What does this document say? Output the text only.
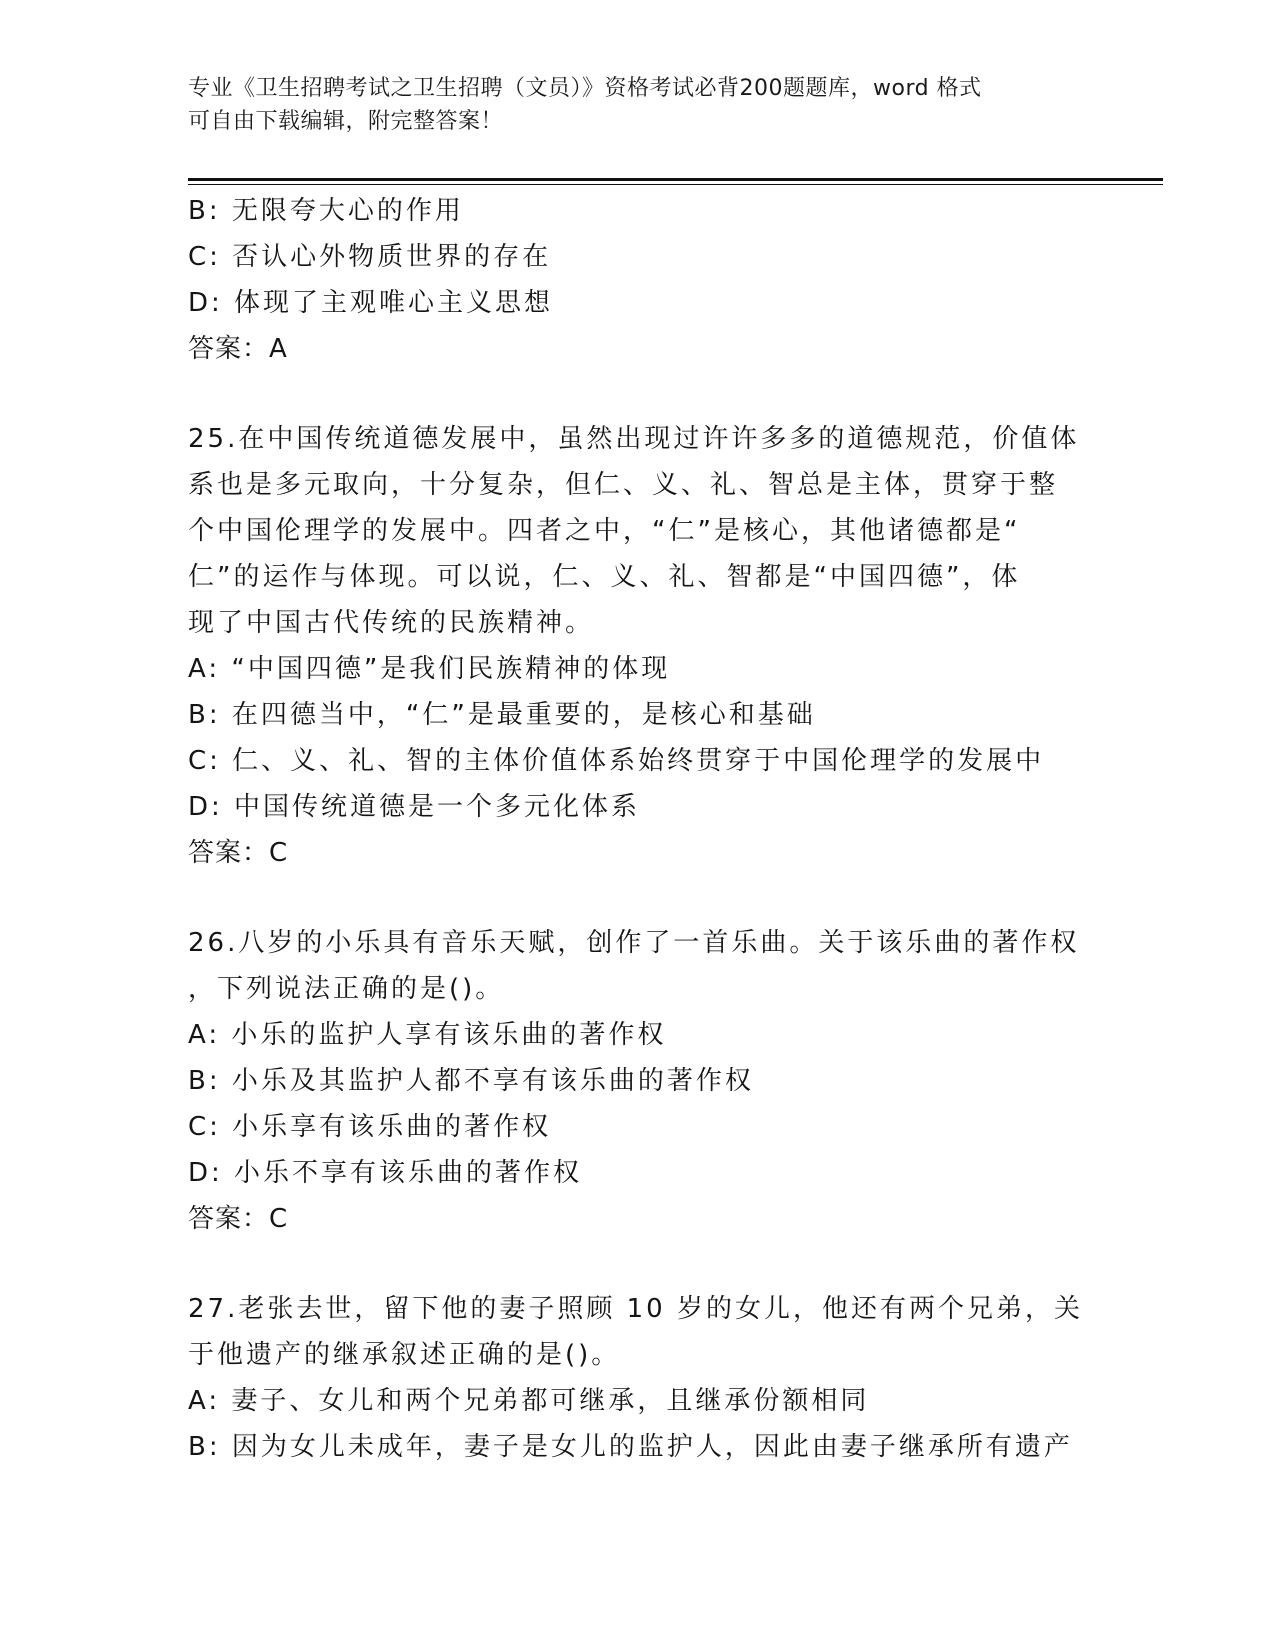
专业《卫生招聘考试之卫生招聘（文员）》资格考试必背200题题库，word 格式
可自由下载编辑，附完整答案！
B: 无限夸大心的作用
C: 否认心外物质世界的存在
D: 体现了主观唯心主义思想
答案：A
25.在中国传统道德发展中，虽然出现过许许多多的道德规范，价值体
系也是多元取向，十分复杂，但仁、义、礼、智总是主体，贯穿于整
个中国伦理学的发展中。四者之中，“仁”是核心，其他诸德都是“
仁”的运作与体现。可以说，仁、义、礼、智都是“中国四德”，体
现了中国古代传统的民族精神。
A: “中国四德”是我们民族精神的体现
B: 在四德当中，“仁”是最重要的，是核心和基础
C: 仁、义、礼、智的主体价值体系始终贯穿于中国伦理学的发展中
D: 中国传统道德是一个多元化体系
答案：C
26.八岁的小乐具有音乐天赋，创作了一首乐曲。关于该乐曲的著作权
，下列说法正确的是()。
A: 小乐的监护人享有该乐曲的著作权
B: 小乐及其监护人都不享有该乐曲的著作权
C: 小乐享有该乐曲的著作权
D: 小乐不享有该乐曲的著作权
答案：C
27.老张去世，留下他的妻子照顾 10 岁的女儿，他还有两个兄弟，关
于他遗产的继承叙述正确的是()。
A: 妻子、女儿和两个兄弟都可继承，且继承份额相同
B: 因为女儿未成年，妻子是女儿的监护人，因此由妻子继承所有遗产
